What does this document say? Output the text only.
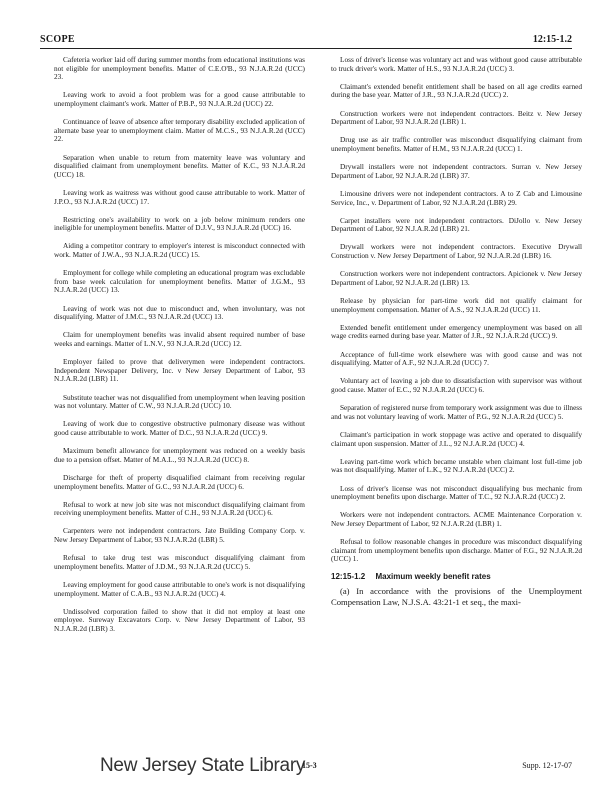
SCOPE	12:15-1.2

Cafeteria worker laid off during summer months from educational institutions was not eligible for unemployment benefits. Matter of C.E.O'B., 93 N.J.A.R.2d (UCC) 23.

Leaving work to avoid a foot problem was for a good cause attributable to unemployment claimant's work. Matter of P.B.P., 93 N.J.A.R.2d (UCC) 22.

Continuance of leave of absence after temporary disability excluded application of alternate base year to unemployment claim. Matter of M.C.S., 93 N.J.A.R.2d (UCC) 22.

Separation when unable to return from maternity leave was voluntary and disqualified claimant from unemployment benefits. Matter of K.C., 93 N.J.A.R.2d (UCC) 18.

Leaving work as waitress was without good cause attributable to work. Matter of J.P.O., 93 N.J.A.R.2d (UCC) 17.

Restricting one's availability to work on a job below minimum renders one ineligible for unemployment benefits. Matter of D.J.V., 93 N.J.A.R.2d (UCC) 16.

Aiding a competitor contrary to employer's interest is misconduct connected with work. Matter of J.W.A., 93 N.J.A.R.2d (UCC) 15.

Employment for college while completing an educational program was excludable from base week calculation for unemployment benefits. Matter of J.G.M., 93 N.J.A.R.2d (UCC) 13.

Leaving of work was not due to misconduct and, when involuntary, was not disqualifying. Matter of J.M.C., 93 N.J.A.R.2d (UCC) 13.

Claim for unemployment benefits was invalid absent required number of base weeks and earnings. Matter of L.N.V., 93 N.J.A.R.2d (UCC) 12.

Employer failed to prove that deliverymen were independent contractors. Independent Newspaper Delivery, Inc. v New Jersey Department of Labor, 93 N.J.A.R.2d (LBR) 11.

Substitute teacher was not disqualified from unemployment when leaving position was not voluntary. Matter of C.W., 93 N.J.A.R.2d (UCC) 10.

Leaving of work due to congestive obstructive pulmonary disease was without good cause attributable to work. Matter of D.C., 93 N.J.A.R.2d (UCC) 9.

Maximum benefit allowance for unemployment was reduced on a weekly basis due to a pension offset. Matter of M.A.L., 93 N.J.A.R.2d (UCC) 8.

Discharge for theft of property disqualified claimant from receiving regular unemployment benefits. Matter of G.C., 93 N.J.A.R.2d (UCC) 6.

Refusal to work at new job site was not misconduct disqualifying claimant from receiving unemployment benefits. Matter of C.H., 93 N.J.A.R.2d (UCC) 6.

Carpenters were not independent contractors. Jate Building Company Corp. v. New Jersey Department of Labor, 93 N.J.A.R.2d (LBR) 5.

Refusal to take drug test was misconduct disqualifying claimant from unemployment benefits. Matter of J.D.M., 93 N.J.A.R.2d (UCC) 5.

Leaving employment for good cause attributable to one's work is not disqualifying unemployment. Matter of C.A.B., 93 N.J.A.R.2d (UCC) 4.

Undissolved corporation failed to show that it did not employ at least one employee. Sureway Excavators Corp. v. New Jersey Department of Labor, 93 N.J.A.R.2d (LBR) 3.

Loss of driver's license was voluntary act and was without good cause attributable to truck driver's work. Matter of H.S., 93 N.J.A.R.2d (UCC) 3.

Claimant's extended benefit entitlement shall be based on all age credits earned during the base year. Matter of J.R., 93 N.J.A.R.2d (UCC) 2.

Construction workers were not independent contractors. Beitz v. New Jersey Department of Labor, 93 N.J.A.R.2d (LBR) 1.

Drug use as air traffic controller was misconduct disqualifying claimant from unemployment benefits. Matter of H.M., 93 N.J.A.R.2d (UCC) 1.

Drywall installers were not independent contractors. Surran v. New Jersey Department of Labor, 92 N.J.A.R.2d (LBR) 37.

Limousine drivers were not independent contractors. A to Z Cab and Limousine Service, Inc., v. Department of Labor, 92 N.J.A.R.2d (LBR) 29.

Carpet installers were not independent contractors. DiJollo v. New Jersey Department of Labor, 92 N.J.A.R.2d (LBR) 21.

Drywall workers were not independent contractors. Executive Drywall Construction v. New Jersey Department of Labor, 92 N.J.A.R.2d (LBR) 16.

Construction workers were not independent contractors. Apicionek v. New Jersey Department of Labor, 92 N.J.A.R.2d (LBR) 13.

Release by physician for part-time work did not qualify claimant for unemployment compensation. Matter of A.S., 92 N.J.A.R.2d (UCC) 11.

Extended benefit entitlement under emergency unemployment was based on all wage credits earned during base year. Matter of J.R., 92 N.J.A.R.2d (UCC) 9.

Acceptance of full-time work elsewhere was with good cause and was not disqualifying. Matter of A.F., 92 N.J.A.R.2d (UCC) 7.

Voluntary act of leaving a job due to dissatisfaction with supervisor was without good cause. Matter of E.C., 92 N.J.A.R.2d (UCC) 6.

Separation of registered nurse from temporary work assignment was due to illness and was not voluntary leaving of work. Matter of P.G., 92 N.J.A.R.2d (UCC) 5.

Claimant's participation in work stoppage was active and operated to disqualify claimant upon suspension. Matter of J.L., 92 N.J.A.R.2d (UCC) 4.

Leaving part-time work which became unstable when claimant lost full-time job was not disqualifying. Matter of L.K., 92 N.J.A.R.2d (UCC) 2.

Loss of driver's license was not misconduct disqualifying bus mechanic from unemployment benefits upon discharge. Matter of T.C., 92 N.J.A.R.2d (UCC) 2.

Workers were not independent contractors. ACME Maintenance Corporation v. New Jersey Department of Labor, 92 N.J.A.R.2d (LBR) 1.

Refusal to follow reasonable changes in procedure was misconduct disqualifying claimant from unemployment benefits upon discharge. Matter of F.G., 92 N.J.A.R.2d (UCC) 1.

12:15-1.2 Maximum weekly benefit rates

(a) In accordance with the provisions of the Unemployment Compensation Law, N.J.S.A. 43:21-1 et seq., the maxi-

New Jersey State Library
15-3	Supp. 12-17-07
